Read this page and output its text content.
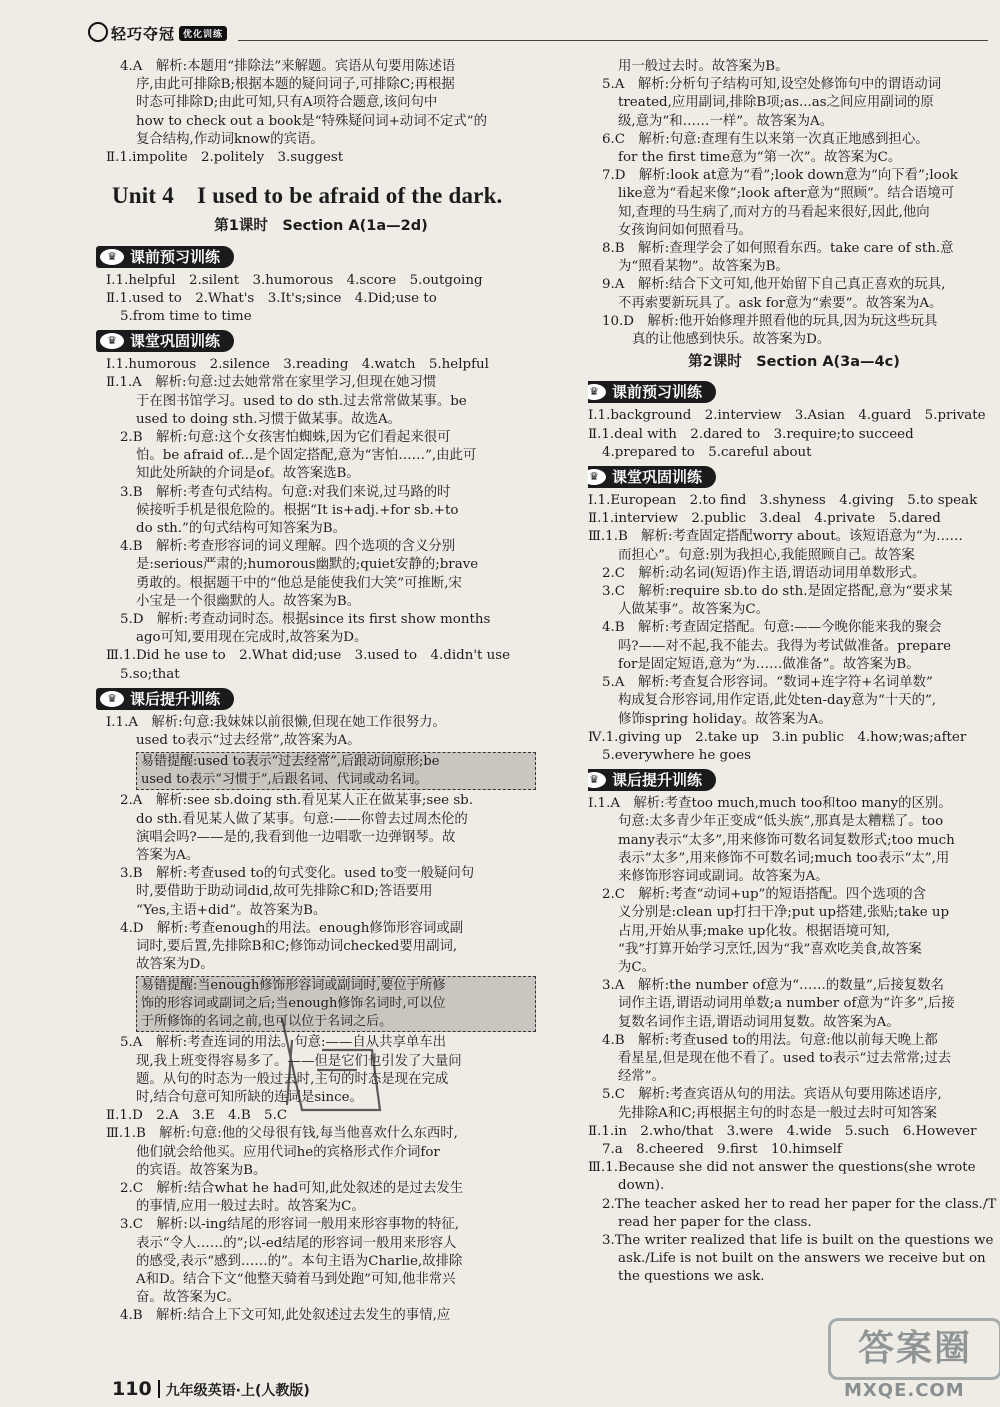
轻巧夺冠 优化训练
4.A　解析:本题用“排除法”来解题。宾语从句要用陈述语
序,由此可排除B;根据本题的疑问词子,可排除C;再根据
时态可排除D;由此可知,只有A项符合题意,该问句中
how to check out a book是“特殊疑问词+动词不定式”的
复合结构,作动词know的宾语。
Ⅱ.1.impolite　2.politely　3.suggest
Unit 4　I used to be afraid of the dark.
第1课时　Section A(1a—2d)
♛ 课前预习训练
Ⅰ.1.helpful　2.silent　3.humorous　4.score　5.outgoing
Ⅱ.1.used to　2.What's　3.It's;since　4.Did;use to
5.from time to time
♛ 课堂巩固训练
Ⅰ.1.humorous　2.silence　3.reading　4.watch　5.helpful
Ⅱ.1.A　解析:句意:过去她常常在家里学习,但现在她习惯
于在图书馆学习。used to do sth.过去常常做某事。be
used to doing sth.习惯于做某事。故选A。
2.B　解析:句意:这个女孩害怕蜘蛛,因为它们看起来很可
怕。be afraid of...是个固定搭配,意为“害怕……”,由此可
知此处所缺的介词是of。故答案选B。
3.B　解析:考查句式结构。句意:对我们来说,过马路的时
候接听手机是很危险的。根据“It is+adj.+for sb.+to
do sth.”的句式结构可知答案为B。
4.B　解析:考查形容词的词义理解。四个选项的含义分别
是:serious严肃的;humorous幽默的;quiet安静的;brave
勇敢的。根据题干中的“他总是能使我们大笑”可推断,宋
小宝是一个很幽默的人。故答案为B。
5.D　解析:考查动词时态。根据since its first show months
ago可知,要用现在完成时,故答案为D。
Ⅲ.1.Did he use to　2.What did;use　3.used to　4.didn't use
5.so;that
♛ 课后提升训练
Ⅰ.1.A　解析:句意:我妹妹以前很懒,但现在她工作很努力。
used to表示“过去经常”,故答案为A。
易错提醒:used to表示“过去经常”,后跟动词原形;be
used to表示“习惯于”,后跟名词、代词或动名词。
2.A　解析:see sb.doing sth.看见某人正在做某事;see sb.
do sth.看见某人做了某事。句意:——你曾去过周杰伦的
演唱会吗?——是的,我看到他一边唱歌一边弹钢琴。故
答案为A。
3.B　解析:考查used to的句式变化。used to变一般疑问句
时,要借助于助动词did,故可先排除C和D;答语要用
“Yes,主语+did”。故答案为B。
4.D　解析:考查enough的用法。enough修饰形容词或副
词时,要后置,先排除B和C;修饰动词checked要用副词,
故答案为D。
易错提醒:当enough修饰形容词或副词时,要位于所修
饰的形容词或副词之后;当enough修饰名词时,可以位
于所修饰的名词之前,也可以位于名词之后。
5.A　解析:考查连词的用法。句意:——自从共享单车出
现,我上班变得容易多了。——但是它们也引发了大量问
题。从句的时态为一般过去时,主句的时态是现在完成
时,结合句意可知所缺的连词是since。
Ⅱ.1.D　2.A　3.E　4.B　5.C
Ⅲ.1.B　解析:句意:他的父母很有钱,每当他喜欢什么东西时,
他们就会给他买。应用代词he的宾格形式作介词for
的宾语。故答案为B。
2.C　解析:结合what he had可知,此处叙述的是过去发生
的事情,应用一般过去时。故答案为C。
3.C　解析:以-ing结尾的形容词一般用来形容事物的特征,
表示“令人……的”;以-ed结尾的形容词一般用来形容人
的感受,表示“感到……的”。本句主语为Charlie,故排除
A和D。结合下文“他整天骑着马到处跑”可知,他非常兴
奋。故答案为C。
4.B　解析:结合上下文可知,此处叙述过去发生的事情,应
用一般过去时。故答案为B。
5.A　解析:分析句子结构可知,设空处修饰句中的谓语动词
treated,应用副词,排除B项;as...as之间应用副词的原
级,意为“和……一样”。故答案为A。
6.C　解析:句意:查理有生以来第一次真正地感到担心。
for the first time意为“第一次”。故答案为C。
7.D　解析:look at意为“看”;look down意为“向下看”;look
like意为“看起来像”;look after意为“照顾”。结合语境可
知,查理的马生病了,而对方的马看起来很好,因此,他向
女孩询问如何照看马。
8.B　解析:查理学会了如何照看东西。take care of sth.意
为“照看某物”。故答案为B。
9.A　解析:结合下文可知,他开始留下自己真正喜欢的玩具,
不再索要新玩具了。ask for意为“索要”。故答案为A。
10.D　解析:他开始修理并照看他的玩具,因为玩这些玩具
真的让他感到快乐。故答案为D。
第2课时　Section A(3a—4c)
♛ 课前预习训练
Ⅰ.1.background　2.interview　3.Asian　4.guard　5.private
Ⅱ.1.deal with　2.dared to　3.require;to succeed
4.prepared to　5.careful about
♛ 课堂巩固训练
Ⅰ.1.European　2.to find　3.shyness　4.giving　5.to speak
Ⅱ.1.interview　2.public　3.deal　4.private　5.dared
Ⅲ.1.B　解析:考查固定搭配worry about。该短语意为“为……
而担心”。句意:别为我担心,我能照顾自己。故答案
2.C　解析:动名词(短语)作主语,谓语动词用单数形式。
3.C　解析:require sb.to do sth.是固定搭配,意为“要求某
人做某事”。故答案为C。
4.B　解析:考查固定搭配。句意:——今晚你能来我的聚会
吗?——对不起,我不能去。我得为考试做准备。prepare
for是固定短语,意为“为……做准备”。故答案为B。
5.A　解析:考查复合形容词。“数词+连字符+名词单数”
构成复合形容词,用作定语,此处ten-day意为“十天的”,
修饰spring holiday。故答案为A。
Ⅳ.1.giving up　2.take up　3.in public　4.how;was;after
5.everywhere he goes
♛ 课后提升训练
Ⅰ.1.A　解析:考查too much,much too和too many的区别。
句意:太多青少年正变成“低头族”,那真是太糟糕了。too
many表示“太多”,用来修饰可数名词复数形式;too much
表示“太多”,用来修饰不可数名词;much too表示“太”,用
来修饰形容词或副词。故答案为A。
2.C　解析:考查“动词+up”的短语搭配。四个选项的含
义分别是:clean up打扫干净;put up搭建,张贴;take up
占用,开始从事;make up化妆。根据语境可知,
“我”打算开始学习烹饪,因为“我”喜欢吃美食,故答案
为C。
3.A　解析:the number of意为“……的数量”,后接复数名
词作主语,谓语动词用单数;a number of意为“许多”,后接
复数名词作主语,谓语动词用复数。故答案为A。
4.B　解析:考查used to的用法。句意:他以前每天晚上都
看星星,但是现在他不看了。used to表示“过去常常;过去
经常”。
5.C　解析:考查宾语从句的用法。宾语从句要用陈述语序,
先排除A和C;再根据主句的时态是一般过去时可知答案
Ⅱ.1.in　2.who/that　3.were　4.wide　5.such　6.However
7.a　8.cheered　9.first　10.himself
Ⅲ.1.Because she did not answer the questions(she wrote
down).
2.The teacher asked her to read her paper for the class./T
read her paper for the class.
3.The writer realized that life is built on the questions we
ask./Life is not built on the answers we receive but on
the questions we ask.
110 九年级英语·上(人教版)
答案圈
MXQE.COM
